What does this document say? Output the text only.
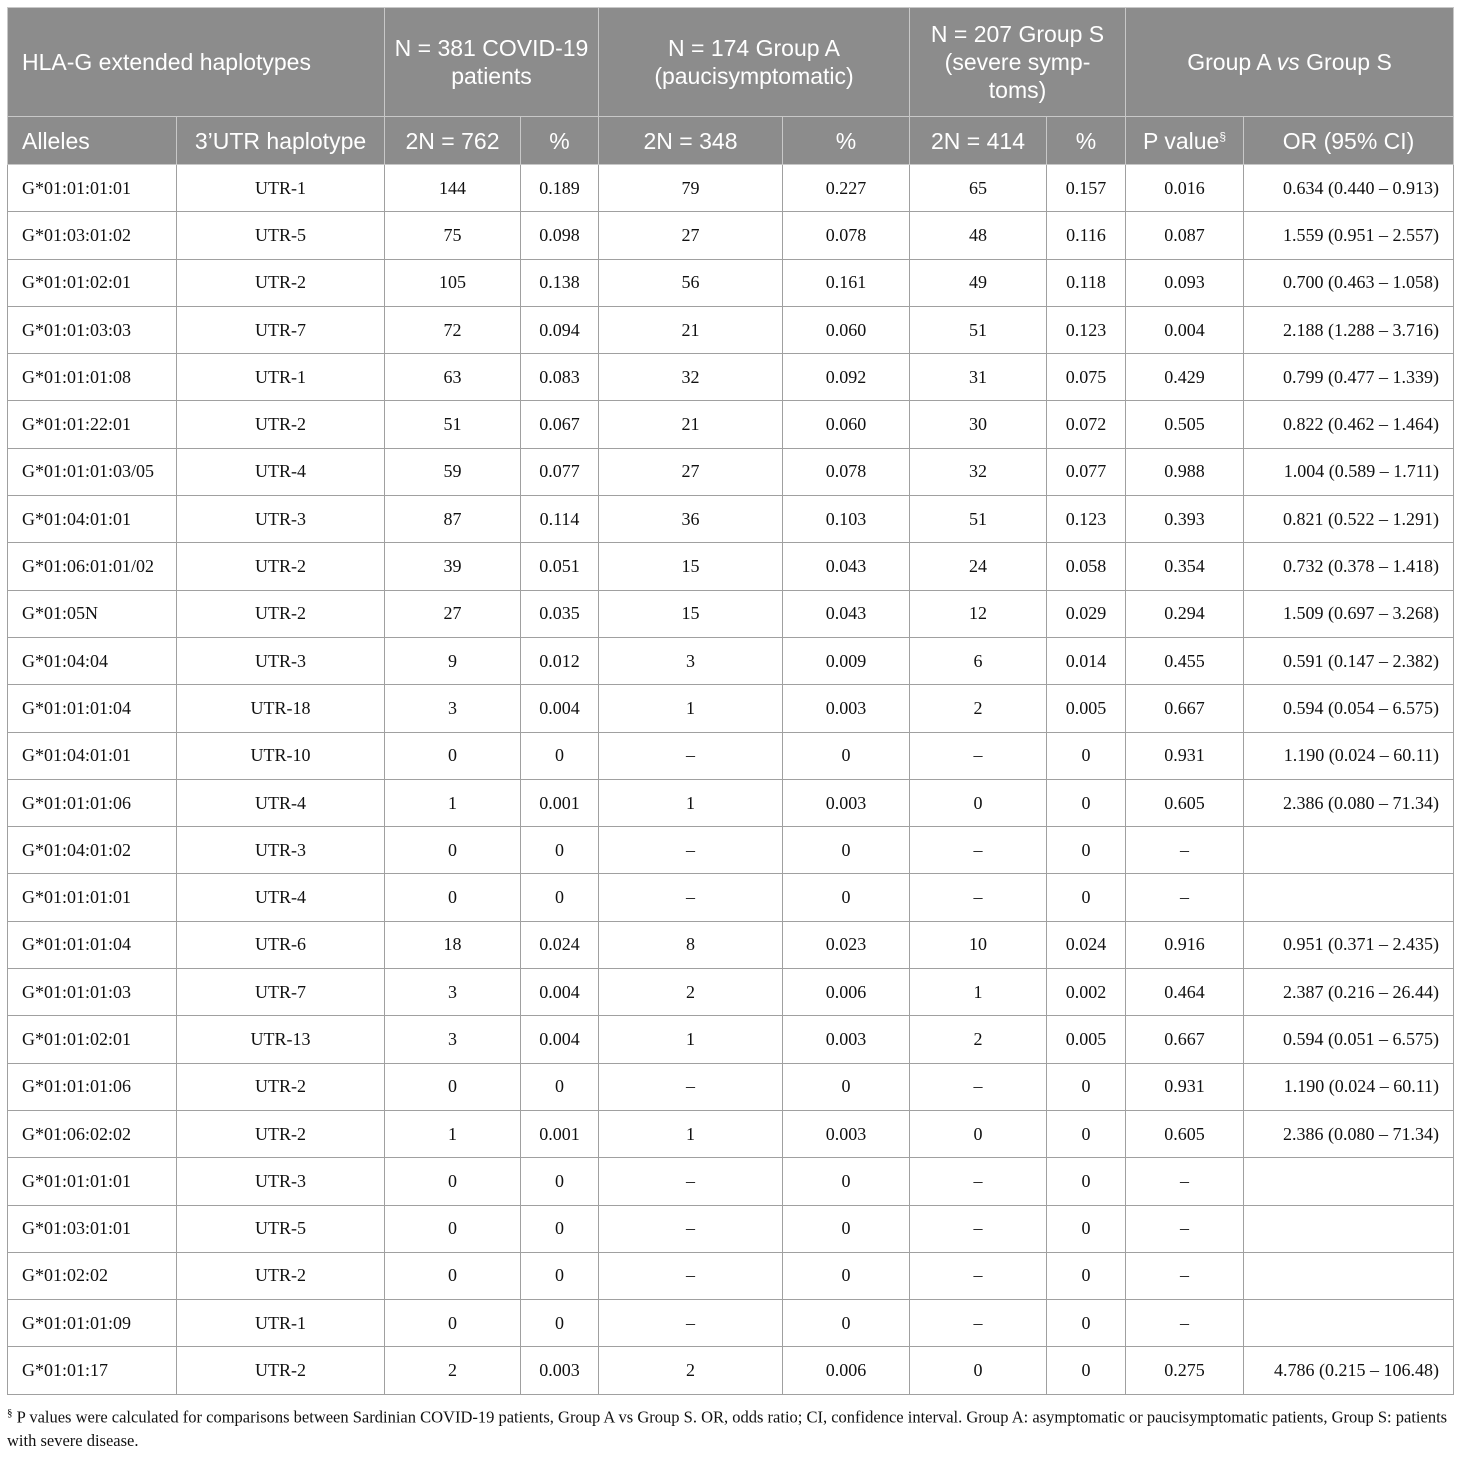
HLA-G extended haplotypes		N = 381 COVID-19 patients		N = 174 Group A (paucisymptomatic)		N = 207 Group S (severe symp-toms)		Group A vs Group S	
Alleles	3’UTR haplotype	2N = 762	%	2N = 348	%	2N = 414	%	P value§	OR (95% CI)
G*01:01:01:01	UTR-1	144	0.189	79	0.227	65	0.157	0.016	0.634 (0.440 – 0.913)
G*01:03:01:02	UTR-5	75	0.098	27	0.078	48	0.116	0.087	1.559 (0.951 – 2.557)
G*01:01:02:01	UTR-2	105	0.138	56	0.161	49	0.118	0.093	0.700 (0.463 – 1.058)
G*01:01:03:03	UTR-7	72	0.094	21	0.060	51	0.123	0.004	2.188 (1.288 – 3.716)
G*01:01:01:08	UTR-1	63	0.083	32	0.092	31	0.075	0.429	0.799 (0.477 – 1.339)
G*01:01:22:01	UTR-2	51	0.067	21	0.060	30	0.072	0.505	0.822 (0.462 – 1.464)
G*01:01:01:03/05	UTR-4	59	0.077	27	0.078	32	0.077	0.988	1.004 (0.589 – 1.711)
G*01:04:01:01	UTR-3	87	0.114	36	0.103	51	0.123	0.393	0.821 (0.522 – 1.291)
G*01:06:01:01/02	UTR-2	39	0.051	15	0.043	24	0.058	0.354	0.732 (0.378 – 1.418)
G*01:05N	UTR-2	27	0.035	15	0.043	12	0.029	0.294	1.509 (0.697 – 3.268)
G*01:04:04	UTR-3	9	0.012	3	0.009	6	0.014	0.455	0.591 (0.147 – 2.382)
G*01:01:01:04	UTR-18	3	0.004	1	0.003	2	0.005	0.667	0.594 (0.054 – 6.575)
G*01:04:01:01	UTR-10	0	0	–	0	–	0	0.931	1.190 (0.024 – 60.11)
G*01:01:01:06	UTR-4	1	0.001	1	0.003	0	0	0.605	2.386 (0.080 – 71.34)
G*01:04:01:02	UTR-3	0	0	–	0	–	0	–	
G*01:01:01:01	UTR-4	0	0	–	0	–	0	–	
G*01:01:01:04	UTR-6	18	0.024	8	0.023	10	0.024	0.916	0.951 (0.371 – 2.435)
G*01:01:01:03	UTR-7	3	0.004	2	0.006	1	0.002	0.464	2.387 (0.216 – 26.44)
G*01:01:02:01	UTR-13	3	0.004	1	0.003	2	0.005	0.667	0.594 (0.051 – 6.575)
G*01:01:01:06	UTR-2	0	0	–	0	–	0	0.931	1.190 (0.024 – 60.11)
G*01:06:02:02	UTR-2	1	0.001	1	0.003	0	0	0.605	2.386 (0.080 – 71.34)
G*01:01:01:01	UTR-3	0	0	–	0	–	0	–	
G*01:03:01:01	UTR-5	0	0	–	0	–	0	–	
G*01:02:02	UTR-2	0	0	–	0	–	0	–	
G*01:01:01:09	UTR-1	0	0	–	0	–	0	–	
G*01:01:17	UTR-2	2	0.003	2	0.006	0	0	0.275	4.786 (0.215 – 106.48)
§ P values were calculated for comparisons between Sardinian COVID-19 patients, Group A vs Group S. OR, odds ratio; CI, confidence interval. Group A: asymptomatic or paucisymptomatic patients, Group S: patients with severe disease.
